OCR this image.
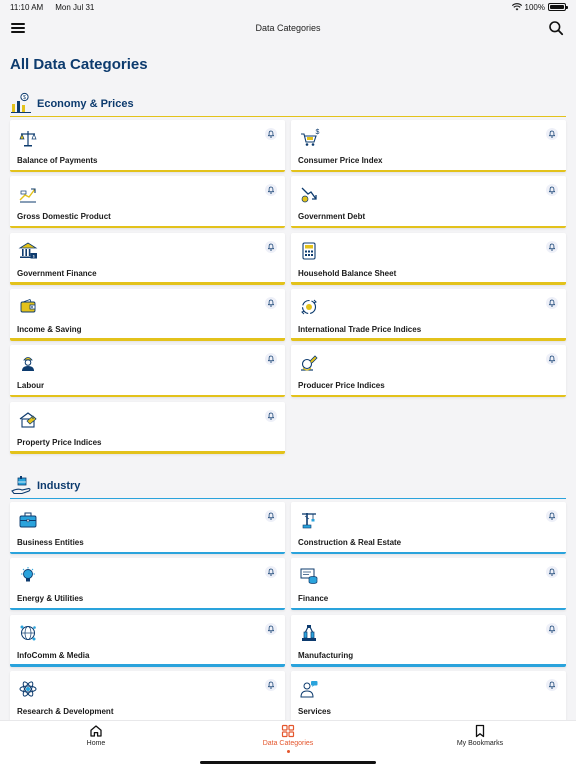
11:10 AM Mon Jul 31	100%
Data Categories
All Data Categories
$ Economy & Prices
Balance of Payments
$
Consumer Price Index
Gross Domestic Product	Government Debt
$
Government Finance	Household Balance Sheet
Income & Saving	International Trade Price Indices
Labour	Producer Price Indices
Property Price Indices
Industry
Business Entities	Construction & Real Estate
Energy & Utilities	Finance
InfoComm & Media	Manufacturing
Research & Development	Services
Home	Data Categories	My Bookmarks
